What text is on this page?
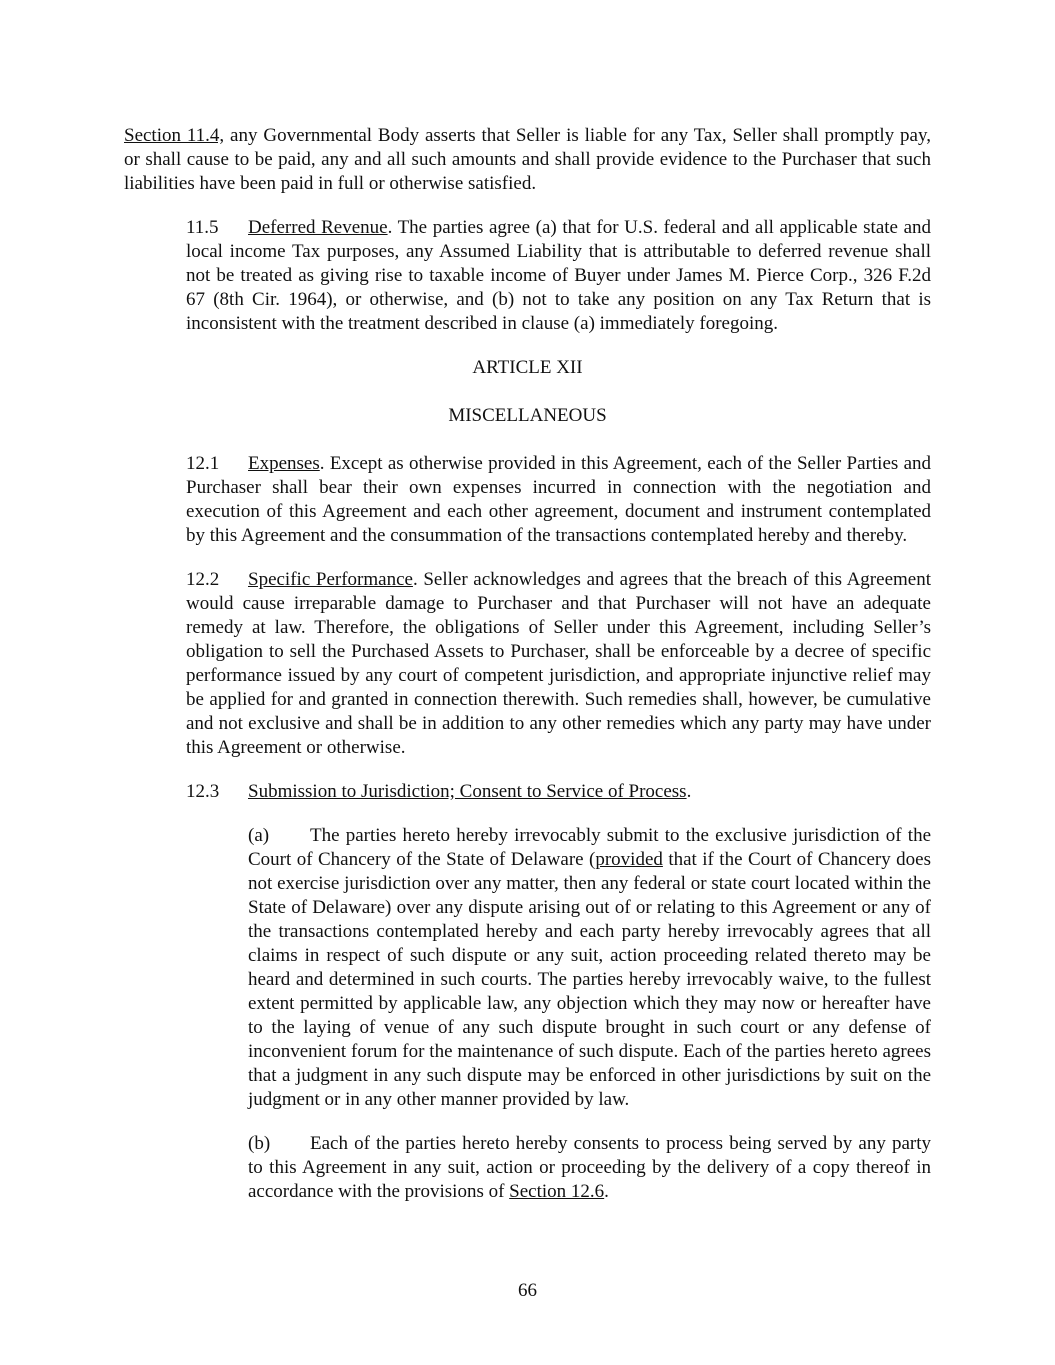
Section 11.4, any Governmental Body asserts that Seller is liable for any Tax, Seller shall promptly pay, or shall cause to be paid, any and all such amounts and shall provide evidence to the Purchaser that such liabilities have been paid in full or otherwise satisfied.

11.5 Deferred Revenue. The parties agree (a) that for U.S. federal and all applicable state and local income Tax purposes, any Assumed Liability that is attributable to deferred revenue shall not be treated as giving rise to taxable income of Buyer under James M. Pierce Corp., 326 F.2d 67 (8th Cir. 1964), or otherwise, and (b) not to take any position on any Tax Return that is inconsistent with the treatment described in clause (a) immediately foregoing.

ARTICLE XII

MISCELLANEOUS

12.1 Expenses. Except as otherwise provided in this Agreement, each of the Seller Parties and Purchaser shall bear their own expenses incurred in connection with the negotiation and execution of this Agreement and each other agreement, document and instrument contemplated by this Agreement and the consummation of the transactions contemplated hereby and thereby.

12.2 Specific Performance. Seller acknowledges and agrees that the breach of this Agreement would cause irreparable damage to Purchaser and that Purchaser will not have an adequate remedy at law. Therefore, the obligations of Seller under this Agreement, including Seller’s obligation to sell the Purchased Assets to Purchaser, shall be enforceable by a decree of specific performance issued by any court of competent jurisdiction, and appropriate injunctive relief may be applied for and granted in connection therewith. Such remedies shall, however, be cumulative and not exclusive and shall be in addition to any other remedies which any party may have under this Agreement or otherwise.

12.3 Submission to Jurisdiction; Consent to Service of Process.

(a) The parties hereto hereby irrevocably submit to the exclusive jurisdiction of the Court of Chancery of the State of Delaware (provided that if the Court of Chancery does not exercise jurisdiction over any matter, then any federal or state court located within the State of Delaware) over any dispute arising out of or relating to this Agreement or any of the transactions contemplated hereby and each party hereby irrevocably agrees that all claims in respect of such dispute or any suit, action proceeding related thereto may be heard and determined in such courts. The parties hereby irrevocably waive, to the fullest extent permitted by applicable law, any objection which they may now or hereafter have to the laying of venue of any such dispute brought in such court or any defense of inconvenient forum for the maintenance of such dispute. Each of the parties hereto agrees that a judgment in any such dispute may be enforced in other jurisdictions by suit on the judgment or in any other manner provided by law.

(b) Each of the parties hereto hereby consents to process being served by any party to this Agreement in any suit, action or proceeding by the delivery of a copy thereof in accordance with the provisions of Section 12.6.

66
